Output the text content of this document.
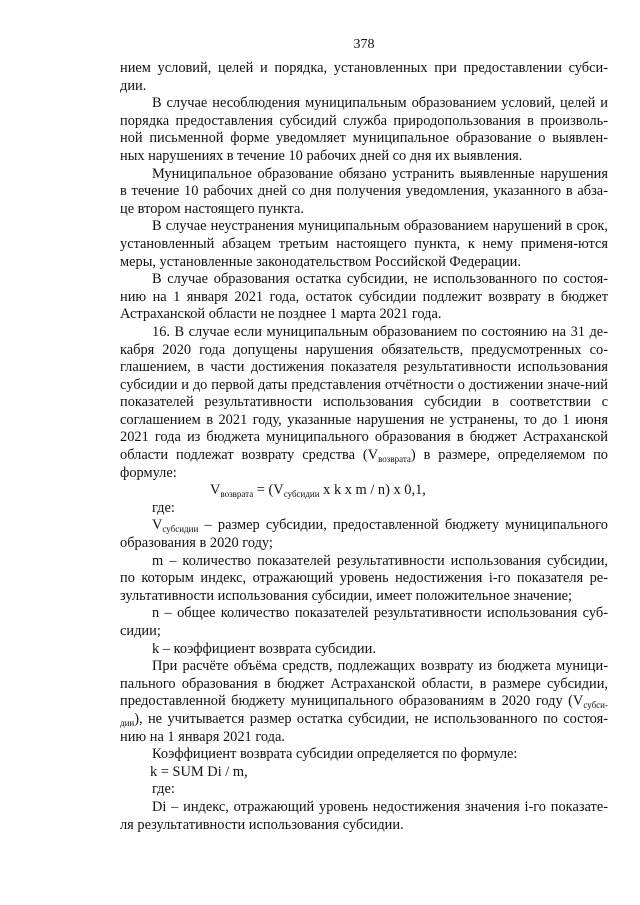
378

нием условий, целей и порядка, установленных при предоставлении субси-дии.

В случае несоблюдения муниципальным образованием условий, целей и порядка предоставления субсидий служба природопользования в произволь-ной письменной форме уведомляет муниципальное образование о выявлен-ных нарушениях в течение 10 рабочих дней со дня их выявления.

Муниципальное образование обязано устранить выявленные нарушения в течение 10 рабочих дней со дня получения уведомления, указанного в абза-це втором настоящего пункта.

В случае неустранения муниципальным образованием нарушений в срок, установленный абзацем третьим настоящего пункта, к нему применя-ются меры, установленные законодательством Российской Федерации.

В случае образования остатка субсидии, не использованного по состоя-нию на 1 января 2021 года, остаток субсидии подлежит возврату в бюджет Астраханской области не позднее 1 марта 2021 года.

16. В случае если муниципальным образованием по состоянию на 31 де-кабря 2020 года допущены нарушения обязательств, предусмотренных со-глашением, в части достижения показателя результативности использования субсидии и до первой даты представления отчётности о достижении значе-ний показателей результативности использования субсидии в соответствии с соглашением в 2021 году, указанные нарушения не устранены, то до 1 июня 2021 года из бюджета муниципального образования в бюджет Астраханской области подлежат возврату средства $(V_{возврата})$ в размере, определяемом по формуле:

$V_{возврата} = (V_{субсидии}$ x k x m / n) x 0,1,

где:

$V_{субсидии}$ – размер субсидии, предоставленной бюджету муниципального образования в 2020 году;

m – количество показателей результативности использования субсидии, по которым индекс, отражающий уровень недостижения i-го показателя ре-зультативности использования субсидии, имеет положительное значение;

n – общее количество показателей результативности использования суб-сидии;

k – коэффициент возврата субсидии.

При расчёте объёма средств, подлежащих возврату из бюджета муници-пального образования в бюджет Астраханской области, в размере субсидии, предоставленной бюджету муниципального образованиям в 2020 году $(V_{субси-дии})$, не учитывается размер остатка субсидии, не использованного по состоя-нию на 1 января 2021 года.

Коэффициент возврата субсидии определяется по формуле:

k = SUM Di / m,

где:

Di – индекс, отражающий уровень недостижения значения i-го показате-ля результативности использования субсидии.
